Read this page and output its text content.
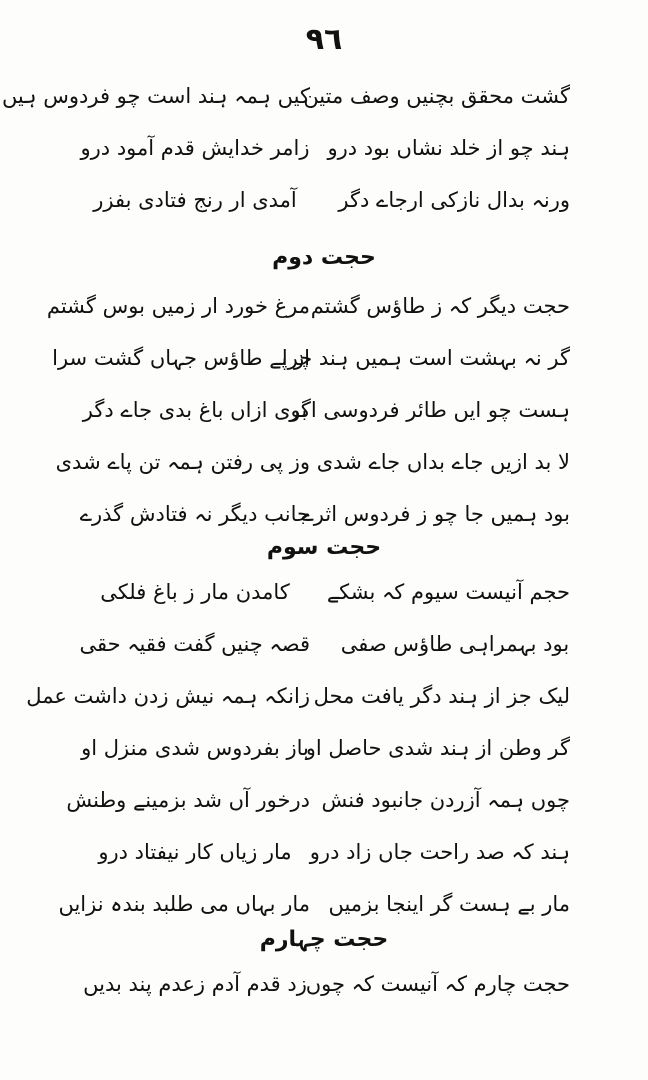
٩٦
گشت محقق بچنیں وصف متین
کیں ہمہ ہند است چو فردوس ہیں
ہند چو از خلد نشاں بود درو
زامر خدایش قدم آمود درو
ورنہ بدال نازکی ارجاے دگر
آمدی ار رنج فتادی بفزر
حجت دوم
حجت دیگر کہ ز طاؤس گشتم
مرغ خورد ار زمیں بوس گشتم
گر نہ بہشت است ہمیں ہند چرا
از پے طاؤس جہاں گشت سرا
ہست چو ایں طائر فردوسی اگر
بوی ازاں باغ بدی جاے دگر
لا بد ازیں جاے بداں جاے شدی
وز پی رفتن ہمہ تن پاے شدی
بود ہمیں جا چو ز فردوس اثرے
جانب دیگر نہ فتادش گذرے
حجت سوم
حجم آنیست سیوم کہ بشکے
کامدن مار ز باغ فلکی
بود بہمراہی طاؤس صفی
قصہ چنیں گفت فقیہ حقی
لیک جز از ہند دگر یافت محل
زانکہ ہمہ نیش زدن داشت عمل
گر وطن از ہند شدی حاصل او
باز بفردوس شدی منزل او
چوں ہمہ آزردن جانبود فنش
درخور آں شد بزمینے وطنش
ہند کہ صد راحت جاں زاد درو
مار زیاں کار نیفتاد درو
مار بے ہست گر اینجا بزمیں
مار بہاں می طلبد بندہ نزایں
حجت چہارم
حجت چارم کہ آنیست کہ چوں
زد قدم آدم زعدم پند بدیں
